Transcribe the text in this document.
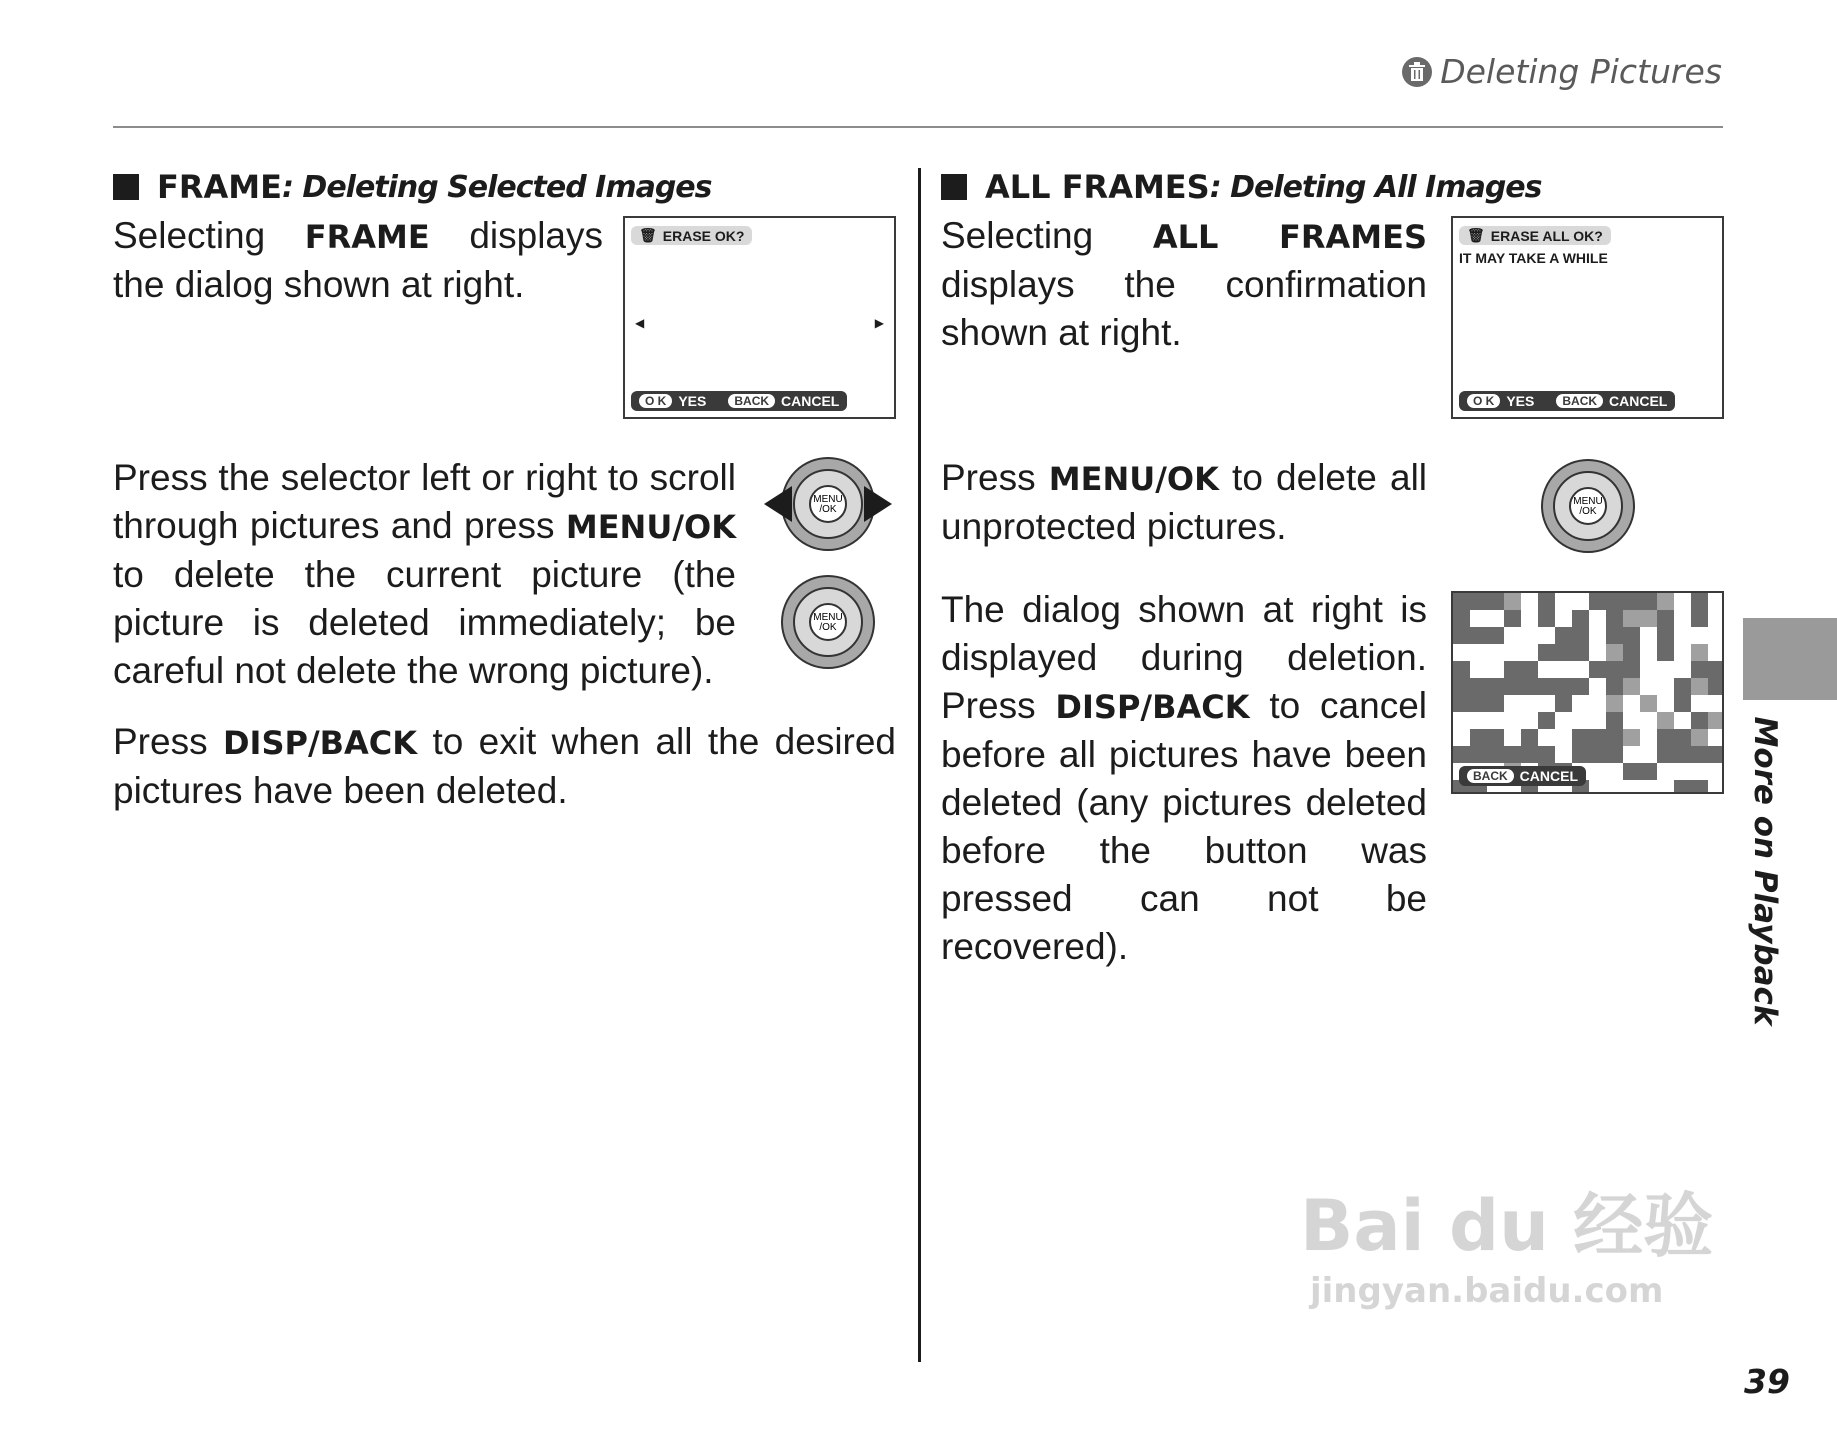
Deleting Pictures
FRAME : Deleting Selected Images

Selecting FRAME displays the dialog shown at right.

🗑 ERASE OK?
◀	▶
O K YES	BACK CANCEL

Press the selector left or right to scroll through pictures and press MENU/OK to delete the current picture (the picture is deleted immediately; be careful not delete the wrong picture).

MENU
/OK
MENU
/OK

Press DISP/BACK to exit when all the desired pictures have been deleted.

ALL FRAMES : Deleting All Images

Selecting ALL FRAMES displays the confirmation shown at right.

🗑 ERASE ALL OK?
IT MAY TAKE A WHILE
O K YES	BACK CANCEL

Press MENU/OK to delete all unprotected pictures.

MENU
/OK

The dialog shown at right is displayed during deletion. Press DISP/BACK to cancel before all pictures have been deleted (any pictures deleted before the button was pressed can not be recovered).

BACK CANCEL	More on Playback
39
Bai du 经验
jingyan.baidu.com
